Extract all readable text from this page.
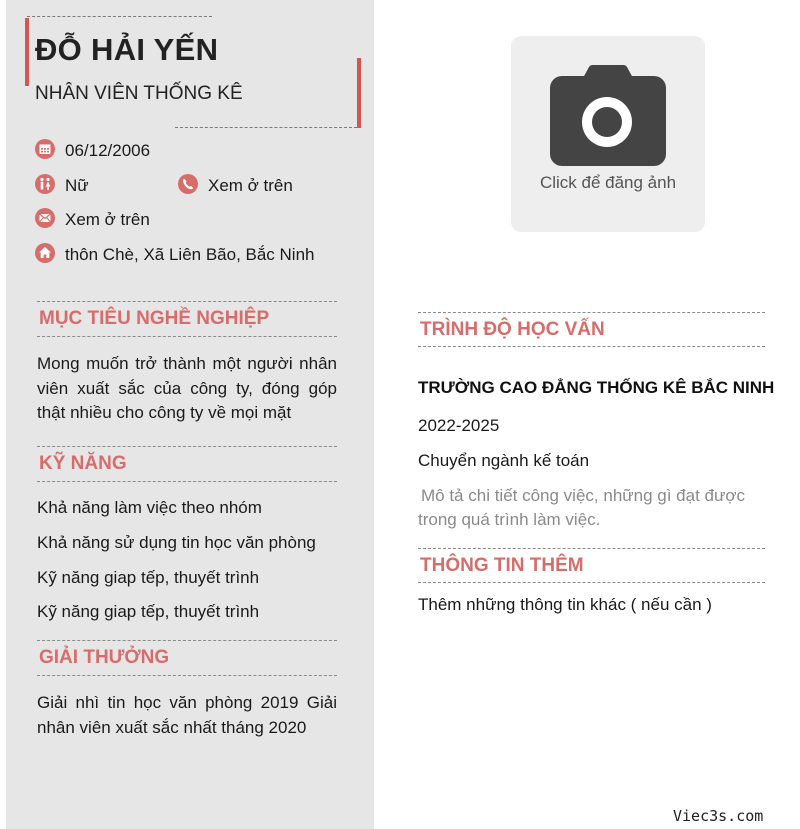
ĐỖ HẢI YẾN
NHÂN VIÊN THỐNG KÊ
06/12/2006
Nữ	Xem ở trên
Xem ở trên
thôn Chè, Xã Liên Bão, Bắc Ninh
MỤC TIÊU NGHỀ NGHIỆP
Mong muốn trở thành một người nhân viên xuất sắc của công ty, đóng góp thật nhiều cho công ty về mọi mặt
KỸ NĂNG
Khả năng làm việc theo nhóm
Khả năng sử dụng tin học văn phòng
Kỹ năng giap tếp, thuyết trình
Kỹ năng giap tếp, thuyết trình
GIẢI THƯỞNG
Giải nhì tin học văn phòng 2019 Giải nhân viên xuất sắc nhất tháng 2020
Click để đăng ảnh
TRÌNH ĐỘ HỌC VẤN
TRƯỜNG CAO ĐẲNG THỐNG KÊ BẮC NINH
2022-2025
Chuyển ngành kế toán
Mô tả chi tiết công việc, những gì đạt được trong quá trình làm việc.
THÔNG TIN THÊM
Thêm những thông tin khác ( nếu cần )
Viec3s.com
